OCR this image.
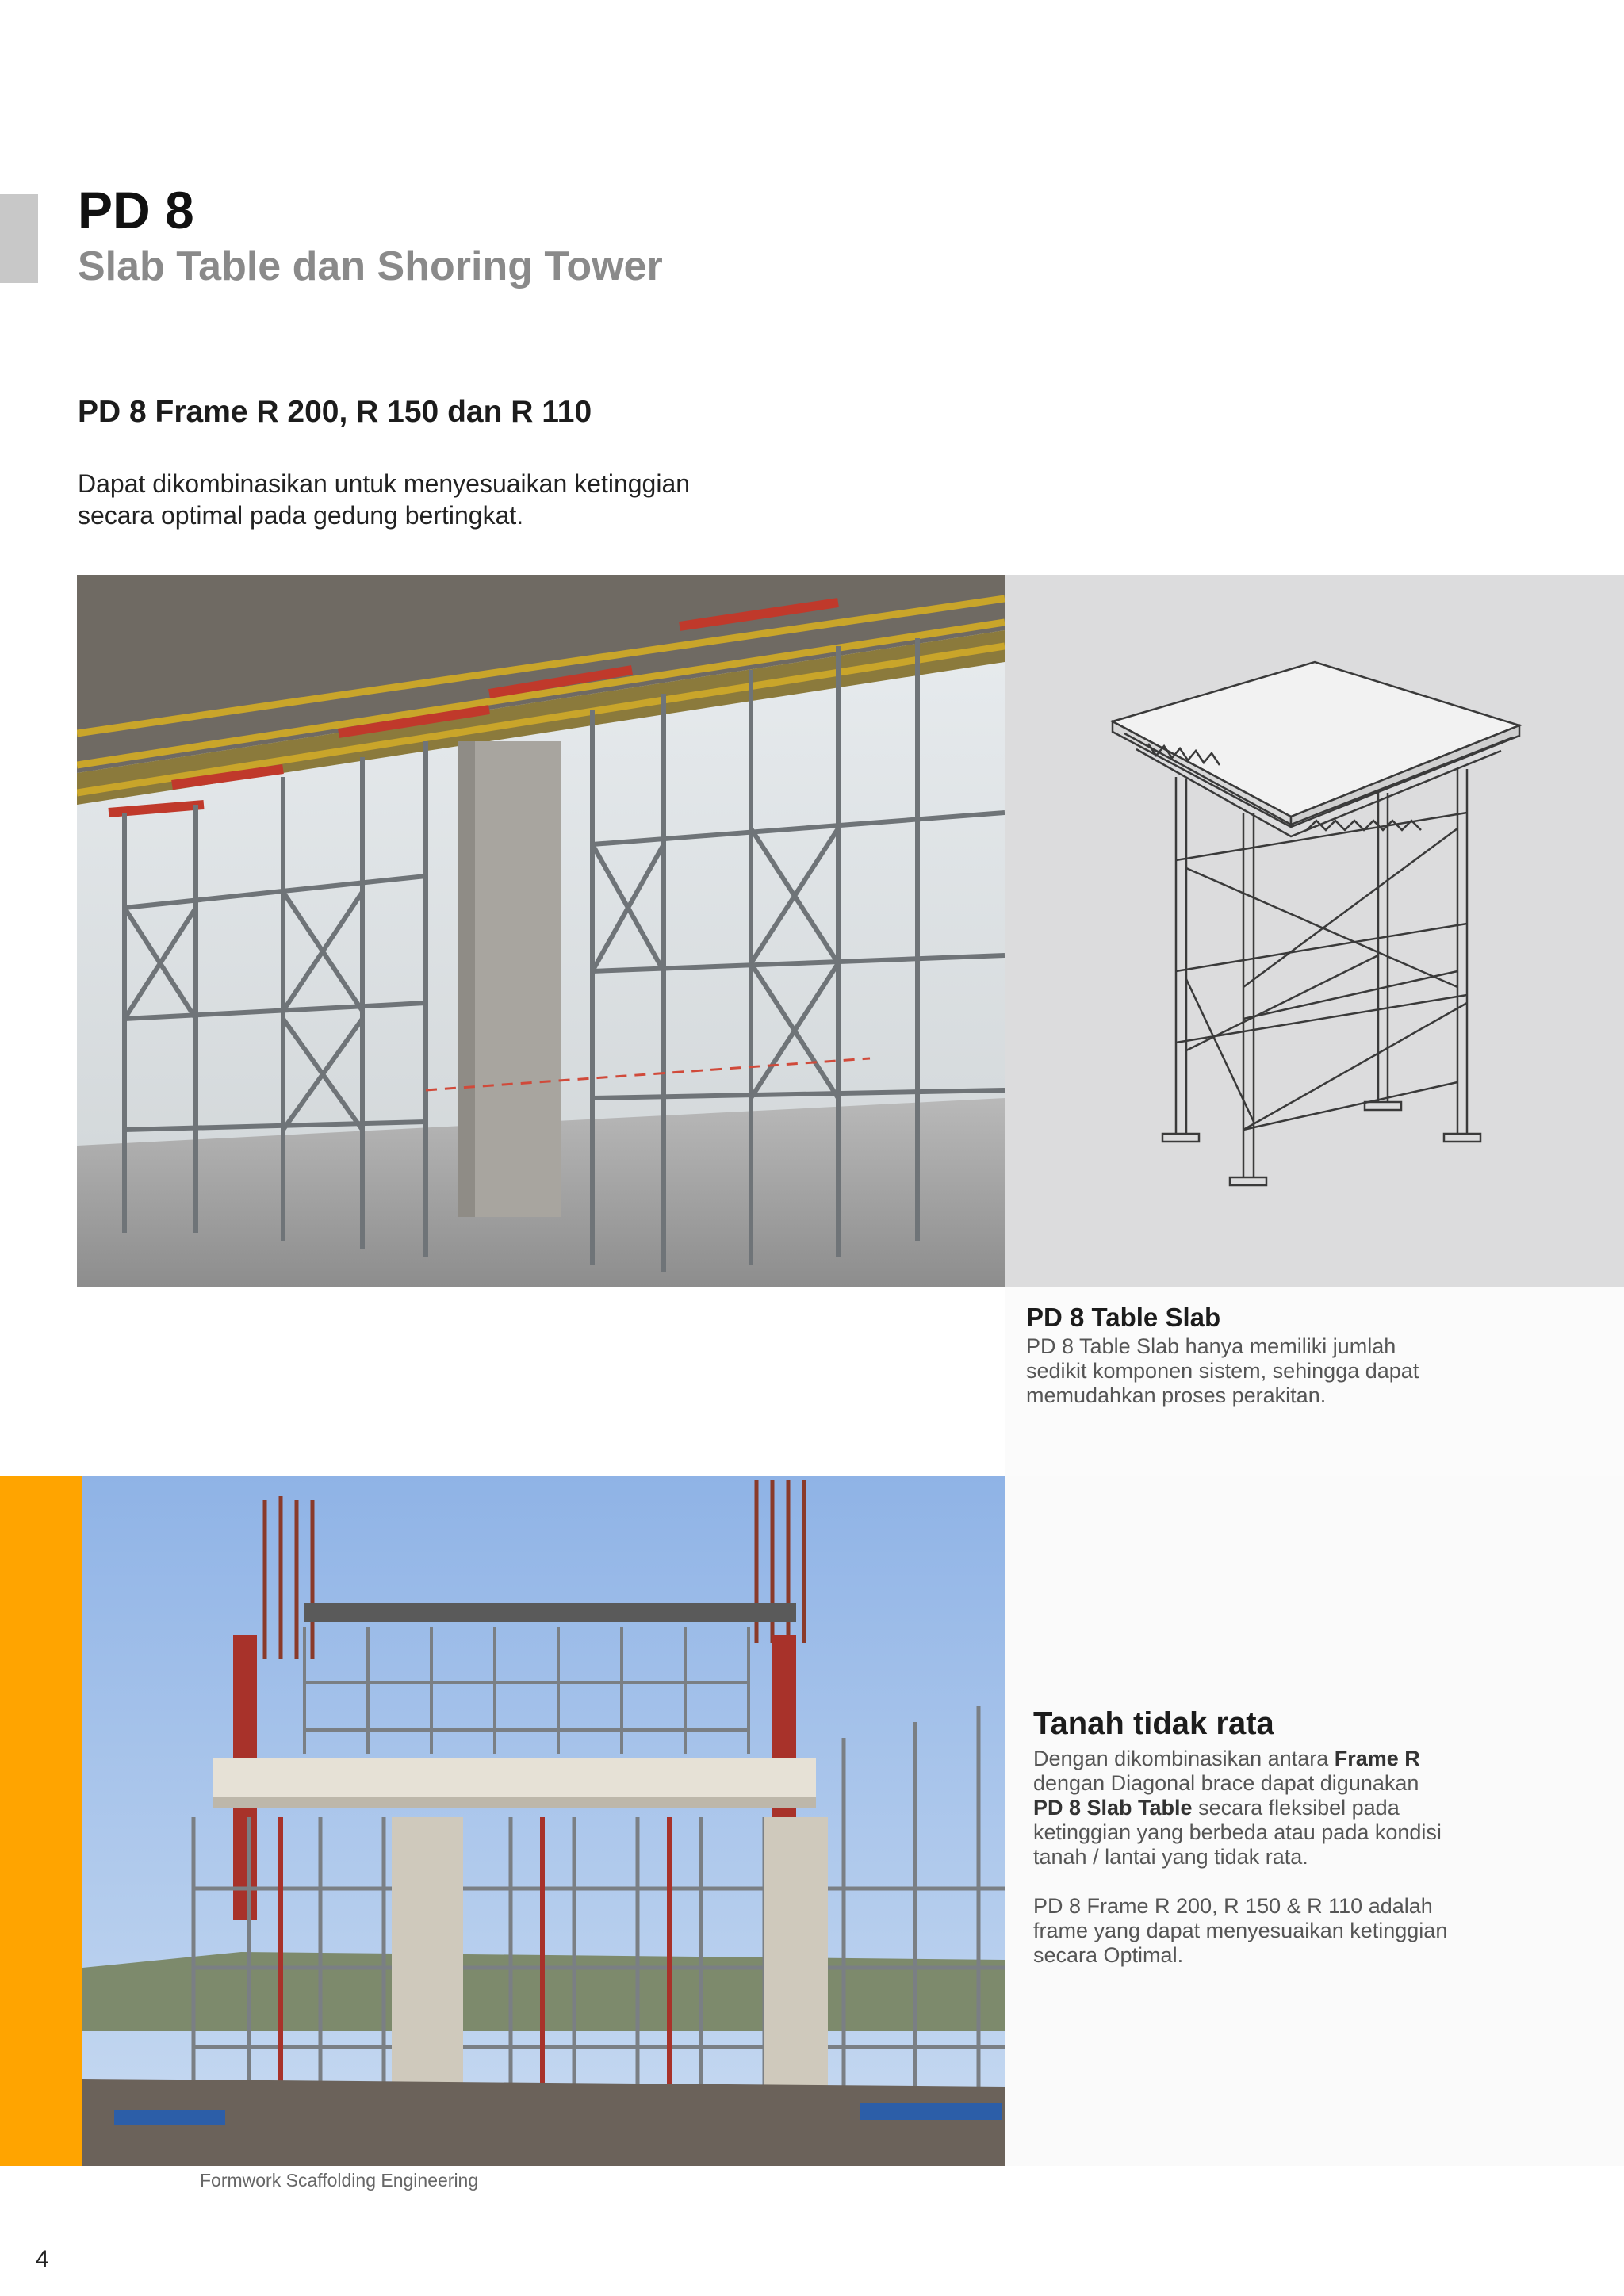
PD 8
Slab Table dan Shoring Tower
PD 8 Frame R 200, R 150 dan R 110

Dapat dikombinasikan untuk menyesuaikan ketinggian
secara optimal pada gedung bertingkat.

PD 8 Table Slab

PD 8 Table Slab hanya memiliki jumlah
sedikit komponen sistem, sehingga dapat
memudahkan proses perakitan.

Tanah tidak rata

Dengan dikombinasikan antara Frame R
dengan Diagonal brace dapat digunakan
PD 8 Slab Table secara fleksibel pada
ketinggian yang berbeda atau pada kondisi
tanah / lantai yang tidak rata.

PD 8 Frame R 200, R 150 & R 110 adalah
frame yang dapat menyesuaikan ketinggian
secara Optimal.

Formwork Scaffolding Engineering
4
